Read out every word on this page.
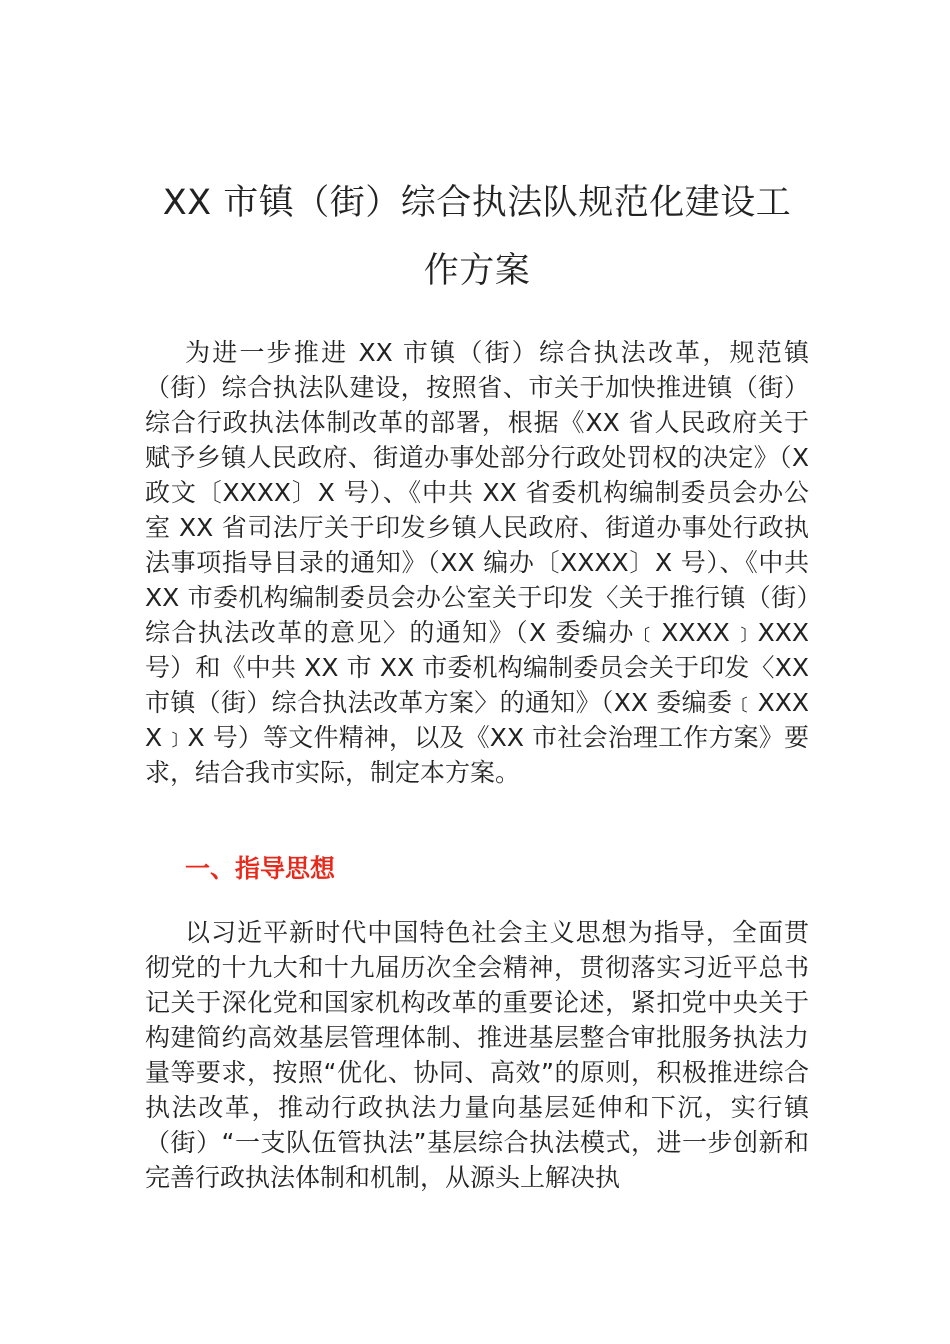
XX 市镇（街）综合执法队规范化建设工
作方案

为进一步推进 XX 市镇（街）综合执法改革，规范镇（街）综合执法队建设，按照省、市关于加快推进镇（街）综合行政执法体制改革的部署，根据《XX 省人民政府关于赋予乡镇人民政府、街道办事处部分行政处罚权的决定》（X 政文〔XXXX〕X 号）、《中共 XX 省委机构编制委员会办公室 XX 省司法厅关于印发乡镇人民政府、街道办事处行政执法事项指导目录的通知》（XX 编办〔XXXX〕X 号）、《中共 XX 市委机构编制委员会办公室关于印发〈关于推行镇（街）综合执法改革的意见〉的通知》（X 委编办﹝XXXX﹞XXX 号）和《中共 XX 市 XX 市委机构编制委员会关于印发〈XX 市镇（街）综合执法改革方案〉的通知》（XX 委编委﹝XXXX﹞X 号）等文件精神，以及《XX 市社会治理工作方案》要求，结合我市实际，制定本方案。

一、指导思想

以习近平新时代中国特色社会主义思想为指导，全面贯彻党的十九大和十九届历次全会精神，贯彻落实习近平总书记关于深化党和国家机构改革的重要论述，紧扣党中央关于构建简约高效基层管理体制、推进基层整合审批服务执法力量等要求，按照“优化、协同、高效”的原则，积极推进综合执法改革，推动行政执法力量向基层延伸和下沉，实行镇（街）“一支队伍管执法”基层综合执法模式，进一步创新和完善行政执法体制和机制，从源头上解决执
